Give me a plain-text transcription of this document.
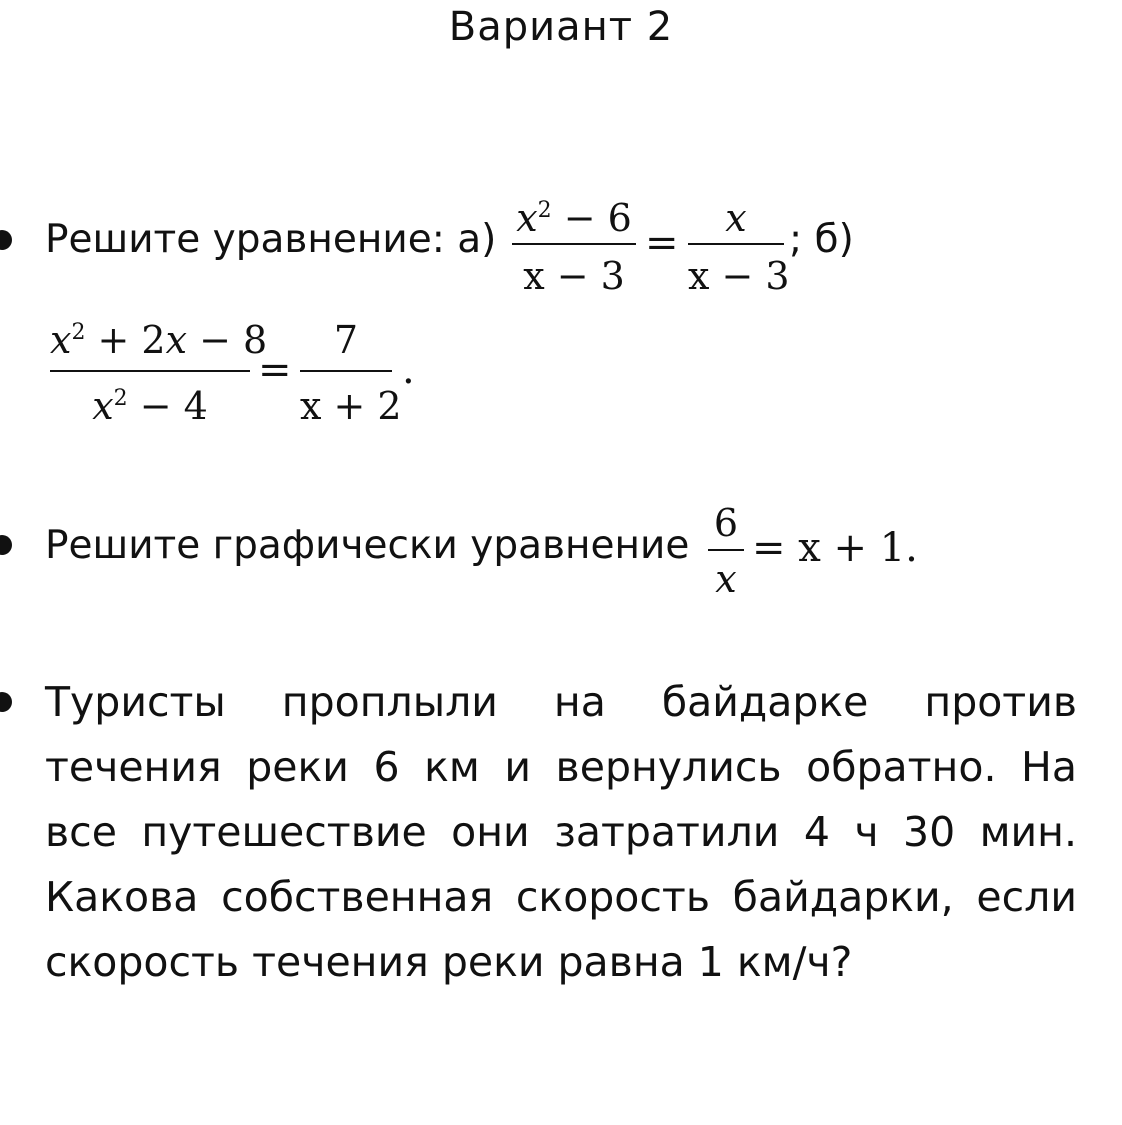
Вариант 2
Решите уравнение: а) $x^2 - 6$
x − 3
=
x
x − 3
; б)
$x^2 + 2x - 8$
$x^2 - 4$
=
7
x + 2
.
Решите графически уравнение 6
x
= x + 1.
Туристы проплыли на байдарке против течения реки 6 км и вернулись обратно. На все путешествие они затратили 4 ч 30 мин. Какова собственная скорость байдарки, если скорость течения реки равна 1 км/ч?
